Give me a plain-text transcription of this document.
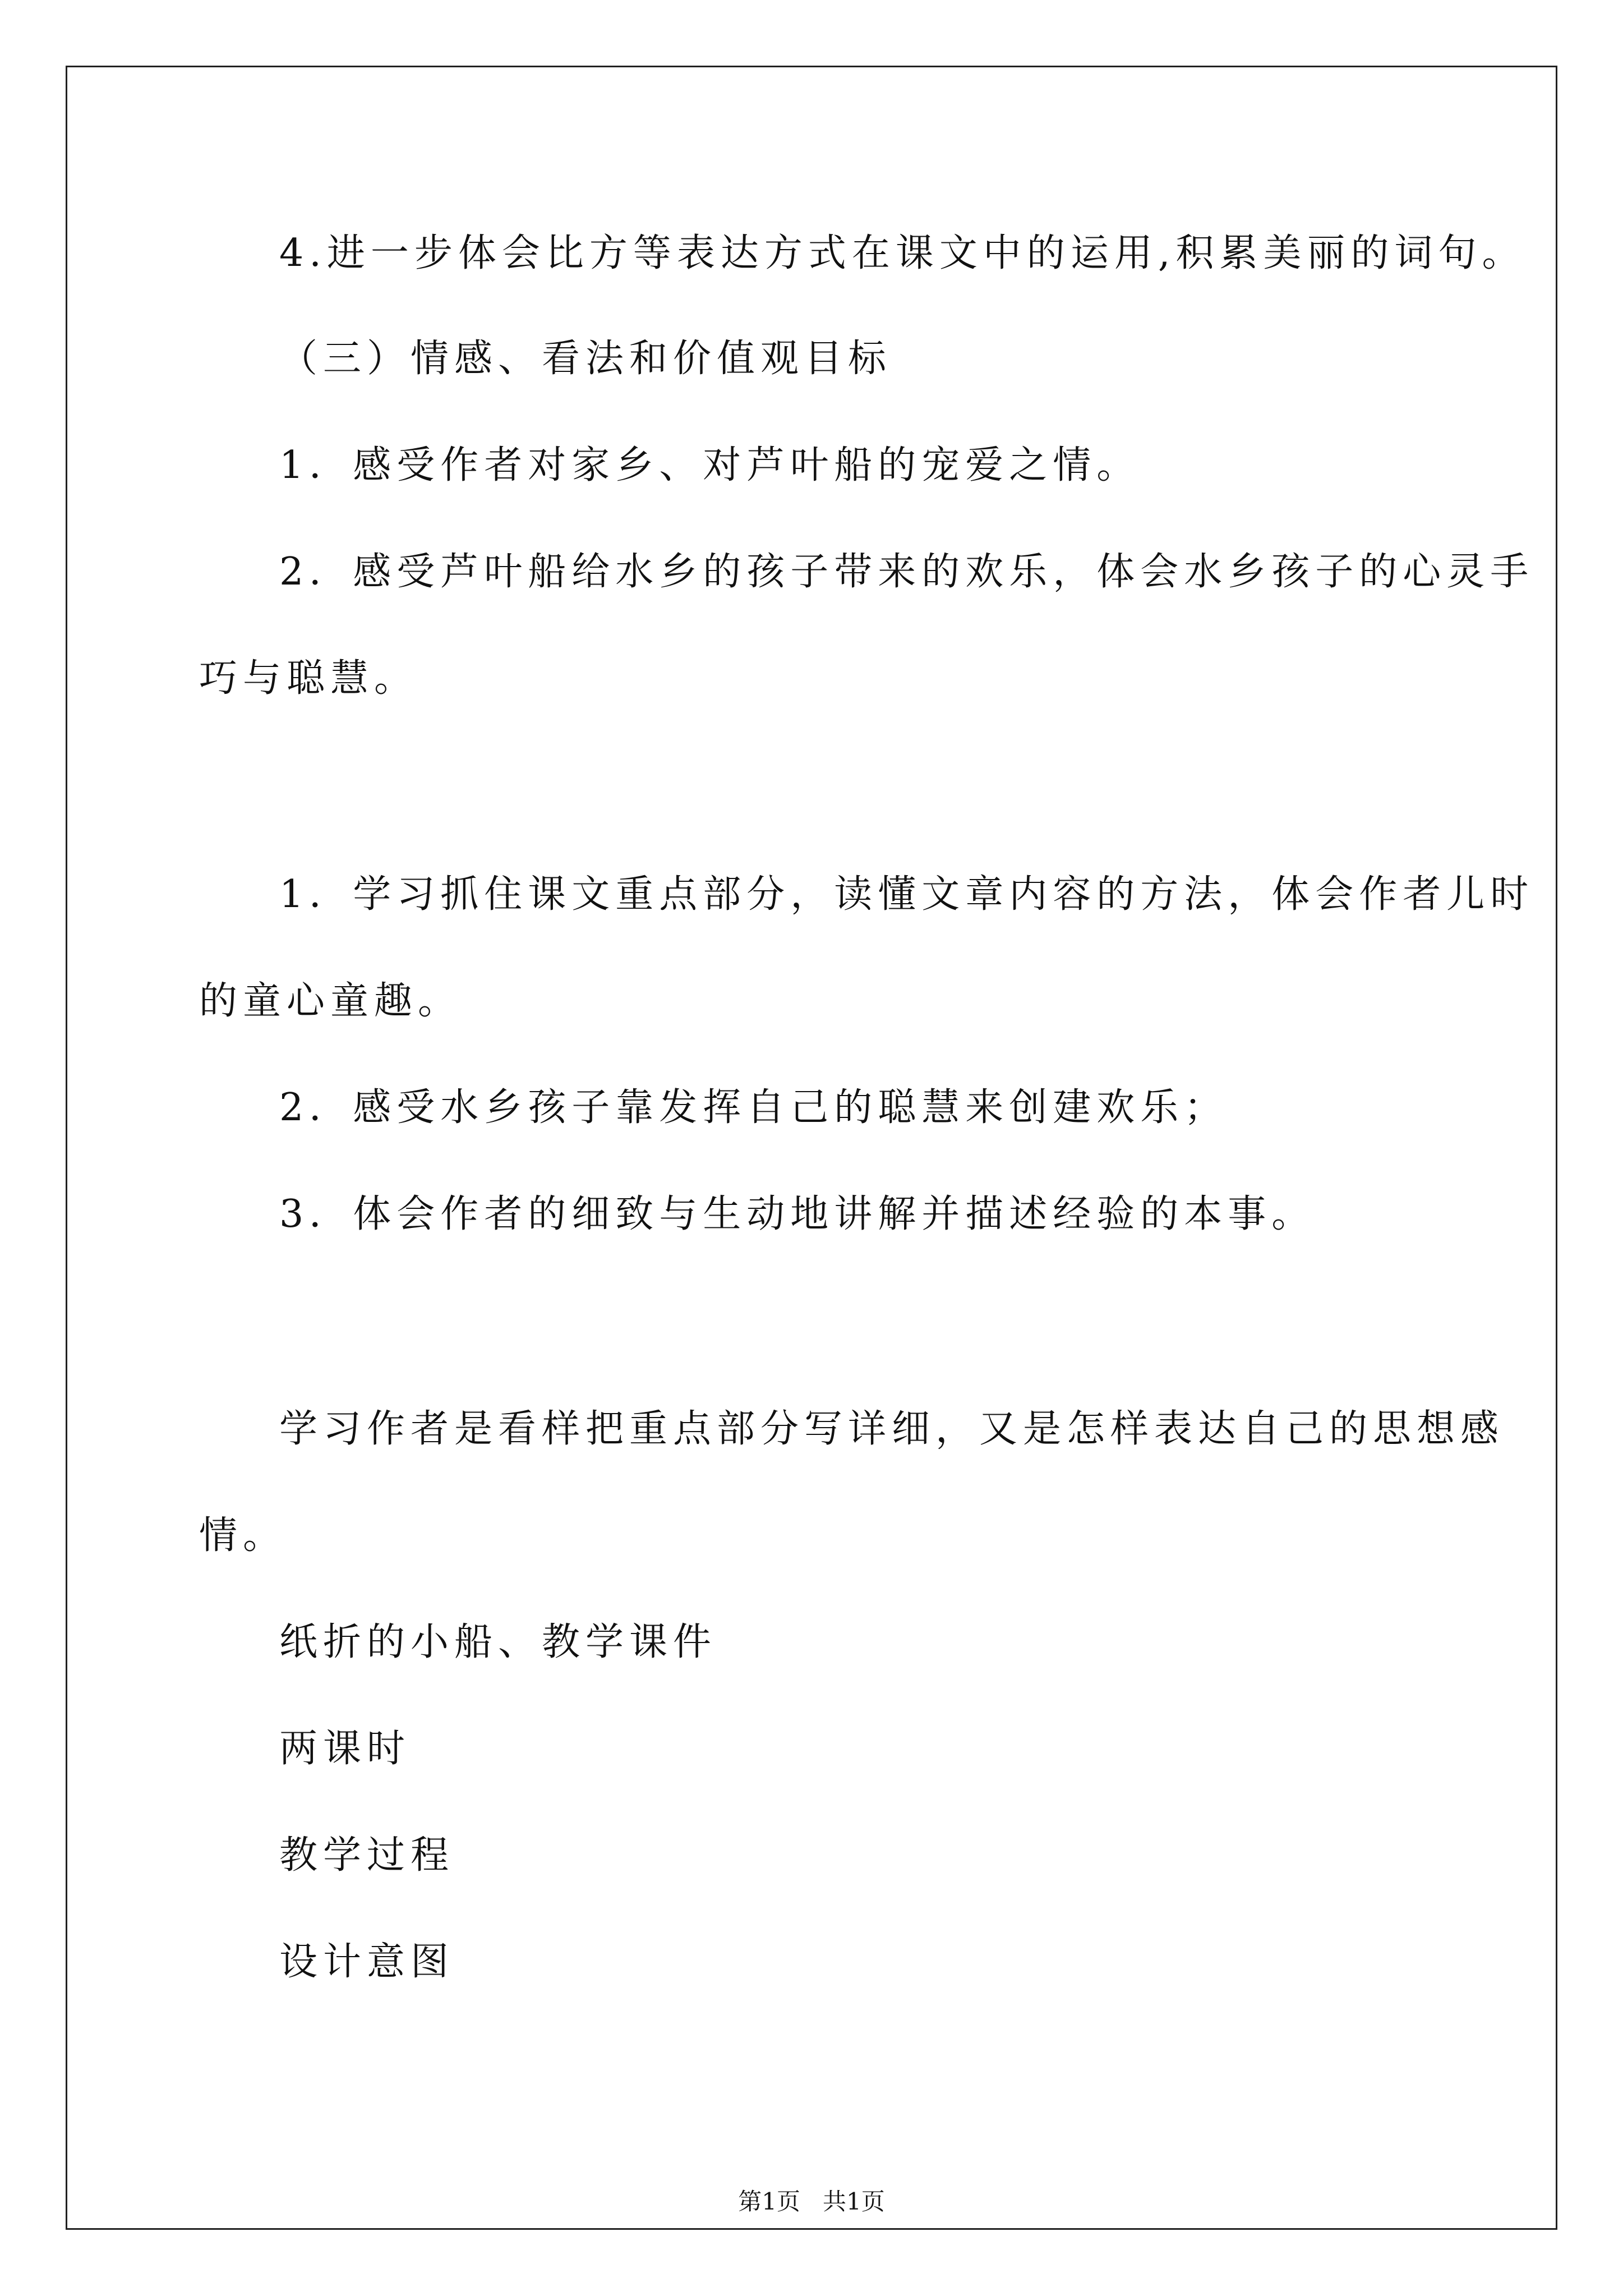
4.进一步体会比方等表达方式在课文中的运用,积累美丽的词句。
（三）情感、看法和价值观目标
1．感受作者对家乡、对芦叶船的宠爱之情。
2．感受芦叶船给水乡的孩子带来的欢乐，体会水乡孩子的心灵手
巧与聪慧。
1．学习抓住课文重点部分，读懂文章内容的方法，体会作者儿时
的童心童趣。
2．感受水乡孩子靠发挥自己的聪慧来创建欢乐；
3．体会作者的细致与生动地讲解并描述经验的本事。
学习作者是看样把重点部分写详细，又是怎样表达自己的思想感
情。
纸折的小船、教学课件
两课时
教学过程
设计意图
第1页 共1页
